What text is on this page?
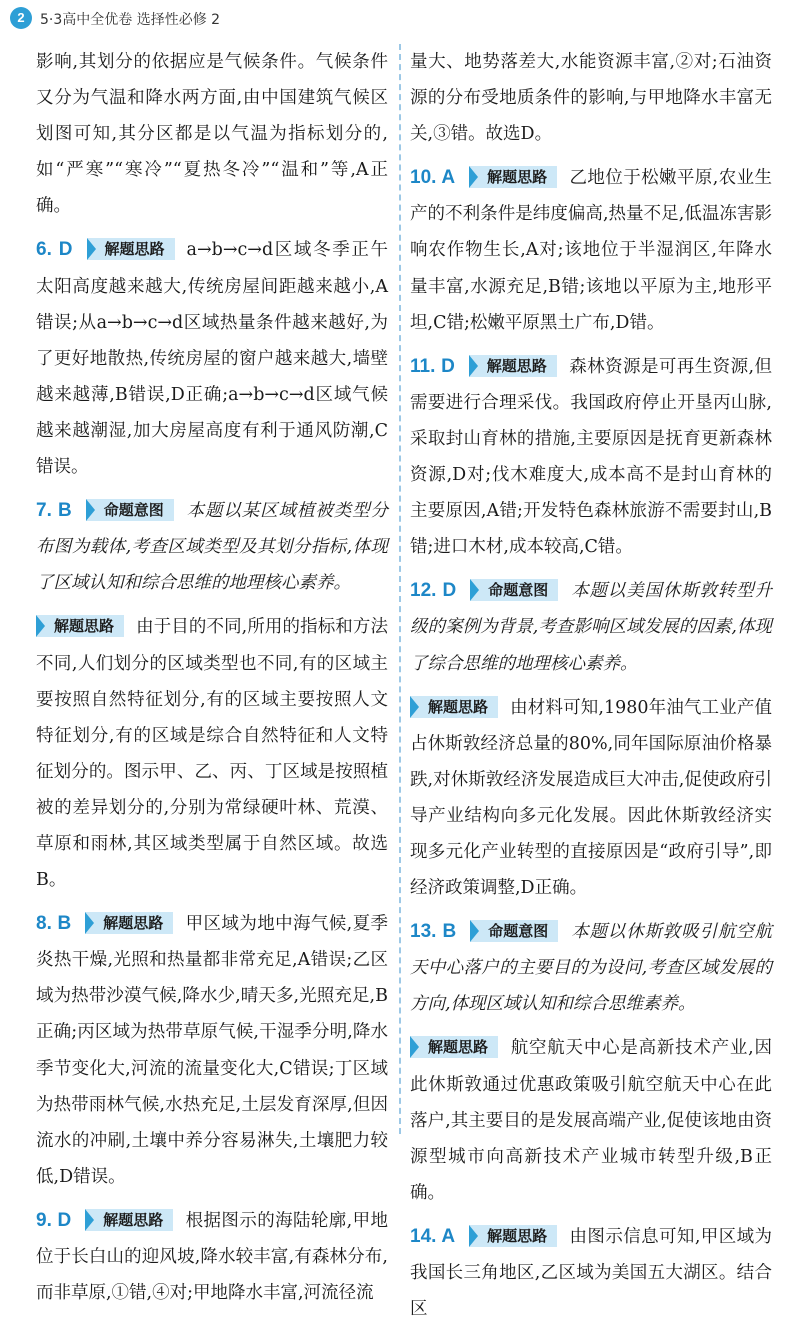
2	5·3高中全优卷 选择性必修 2

影响,其划分的依据应是气候条件。气候条件又分为气温和降水两方面,由中国建筑气候区划图可知,其分区都是以气温为指标划分的,如“严寒”“寒冷”“夏热冬冷”“温和”等,A正确。

6. D 解题思路 a→b→c→d区域冬季正午太阳高度越来越大,传统房屋间距越来越小,A错误;从a→b→c→d区域热量条件越来越好,为了更好地散热,传统房屋的窗户越来越大,墙壁越来越薄,B错误,D正确;a→b→c→d区域气候越来越潮湿,加大房屋高度有利于通风防潮,C错误。

7. B 命题意图 本题以某区域植被类型分布图为载体,考查区域类型及其划分指标,体现了区域认知和综合思维的地理核心素养。

解题思路 由于目的不同,所用的指标和方法不同,人们划分的区域类型也不同,有的区域主要按照自然特征划分,有的区域主要按照人文特征划分,有的区域是综合自然特征和人文特征划分的。图示甲、乙、丙、丁区域是按照植被的差异划分的,分别为常绿硬叶林、荒漠、草原和雨林,其区域类型属于自然区域。故选B。

8. B 解题思路 甲区域为地中海气候,夏季炎热干燥,光照和热量都非常充足,A错误;乙区域为热带沙漠气候,降水少,晴天多,光照充足,B正确;丙区域为热带草原气候,干湿季分明,降水季节变化大,河流的流量变化大,C错误;丁区域为热带雨林气候,水热充足,土层发育深厚,但因流水的冲刷,土壤中养分容易淋失,土壤肥力较低,D错误。

9. D 解题思路 根据图示的海陆轮廓,甲地位于长白山的迎风坡,降水较丰富,有森林分布,而非草原,①错,④对;甲地降水丰富,河流径流

量大、地势落差大,水能资源丰富,②对;石油资源的分布受地质条件的影响,与甲地降水丰富无关,③错。故选D。

10. A 解题思路 乙地位于松嫩平原,农业生产的不利条件是纬度偏高,热量不足,低温冻害影响农作物生长,A对;该地位于半湿润区,年降水量丰富,水源充足,B错;该地以平原为主,地形平坦,C错;松嫩平原黑土广布,D错。

11. D 解题思路 森林资源是可再生资源,但需要进行合理采伐。我国政府停止开垦丙山脉,采取封山育林的措施,主要原因是抚育更新森林资源,D对;伐木难度大,成本高不是封山育林的主要原因,A错;开发特色森林旅游不需要封山,B错;进口木材,成本较高,C错。

12. D 命题意图 本题以美国休斯敦转型升级的案例为背景,考查影响区域发展的因素,体现了综合思维的地理核心素养。

解题思路 由材料可知,1980年油气工业产值占休斯敦经济总量的80%,同年国际原油价格暴跌,对休斯敦经济发展造成巨大冲击,促使政府引导产业结构向多元化发展。因此休斯敦经济实现多元化产业转型的直接原因是“政府引导”,即经济政策调整,D正确。

13. B 命题意图 本题以休斯敦吸引航空航天中心落户的主要目的为设问,考查区域发展的方向,体现区域认知和综合思维素养。

解题思路 航空航天中心是高新技术产业,因此休斯敦通过优惠政策吸引航空航天中心在此落户,其主要目的是发展高端产业,促使该地由资源型城市向高新技术产业城市转型升级,B正确。

14. A 解题思路 由图示信息可知,甲区域为我国长三角地区,乙区域为美国五大湖区。结合区
